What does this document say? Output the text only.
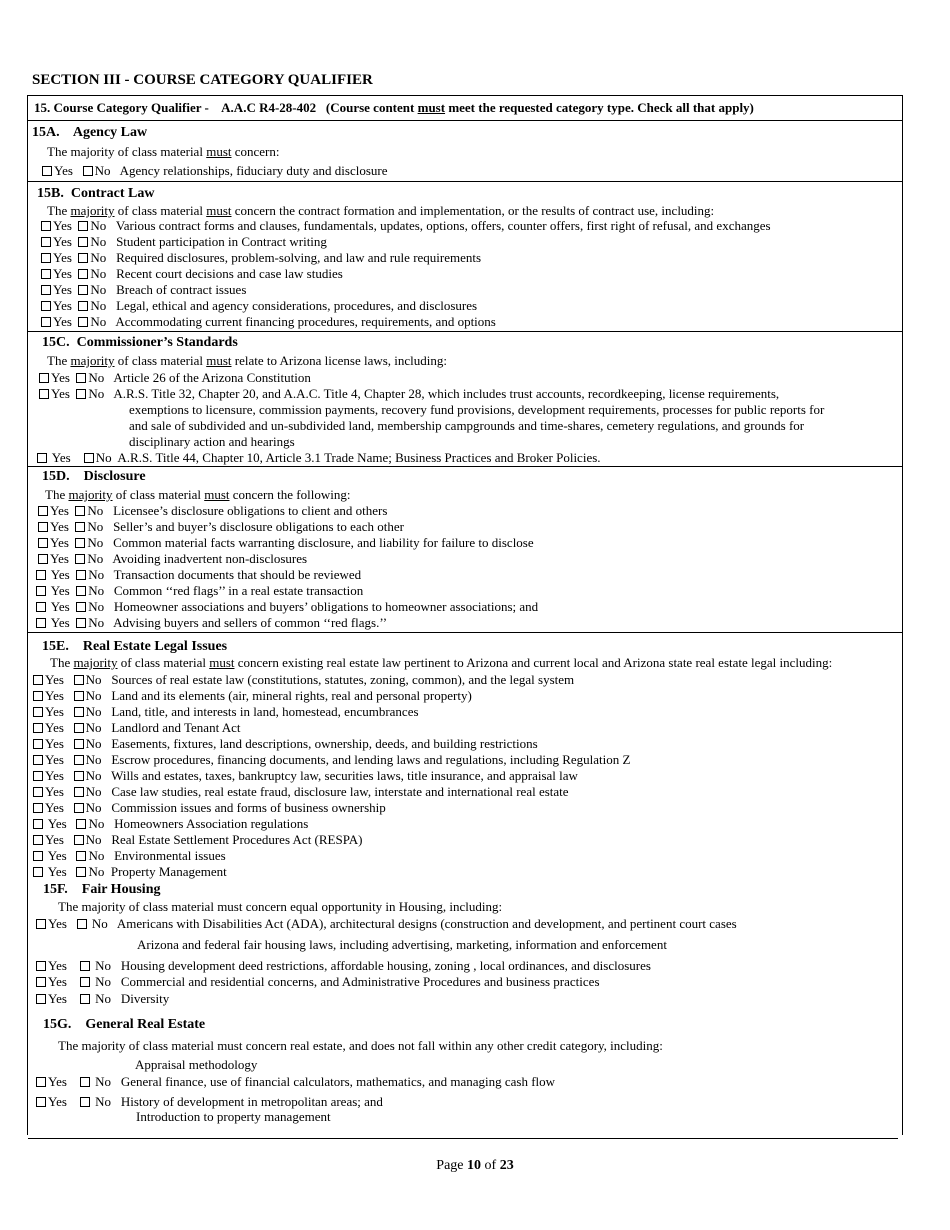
SECTION III - COURSE CATEGORY QUALIFIER
15. Course Category Qualifier - A.A.C R4-28-402 (Course content must meet the requested category type. Check all that apply)
15A. Agency Law
The majority of class material must concern:
Yes No Agency relationships, fiduciary duty and disclosure
15B. Contract Law
The majority of class material must concern the contract formation and implementation, or the results of contract use, including:
Yes No Various contract forms and clauses, fundamentals, updates, options, offers, counter offers, first right of refusal, and exchanges
Yes No Student participation in Contract writing
Yes No Required disclosures, problem-solving, and law and rule requirements
Yes No Recent court decisions and case law studies
Yes No Breach of contract issues
Yes No Legal, ethical and agency considerations, procedures, and disclosures
Yes No Accommodating current financing procedures, requirements, and options
15C. Commissioner’s Standards
The majority of class material must relate to Arizona license laws, including:
Yes No Article 26 of the Arizona Constitution
Yes No A.R.S. Title 32, Chapter 20, and A.A.C. Title 4, Chapter 28, which includes trust accounts, recordkeeping, license requirements,
exemptions to licensure, commission payments, recovery fund provisions, development requirements, processes for public reports for
and sale of subdivided and un-subdivided land, membership campgrounds and time-shares, cemetery regulations, and grounds for
disciplinary action and hearings
Yes No A.R.S. Title 44, Chapter 10, Article 3.1 Trade Name; Business Practices and Broker Policies.
15D. Disclosure
The majority of class material must concern the following:
Yes No Licensee’s disclosure obligations to client and others
Yes No Seller’s and buyer’s disclosure obligations to each other
Yes No Common material facts warranting disclosure, and liability for failure to disclose
Yes No Avoiding inadvertent non-disclosures
Yes No Transaction documents that should be reviewed
Yes No Common ‘‘red flags’’ in a real estate transaction
Yes No Homeowner associations and buyers’ obligations to homeowner associations; and
Yes No Advising buyers and sellers of common ‘‘red flags.’’
15E. Real Estate Legal Issues
The majority of class material must concern existing real estate law pertinent to Arizona and current local and Arizona state real estate legal including:
Yes No Sources of real estate law (constitutions, statutes, zoning, common), and the legal system
Yes No Land and its elements (air, mineral rights, real and personal property)
Yes No Land, title, and interests in land, homestead, encumbrances
Yes No Landlord and Tenant Act
Yes No Easements, fixtures, land descriptions, ownership, deeds, and building restrictions
Yes No Escrow procedures, financing documents, and lending laws and regulations, including Regulation Z
Yes No Wills and estates, taxes, bankruptcy law, securities laws, title insurance, and appraisal law
Yes No Case law studies, real estate fraud, disclosure law, interstate and international real estate
Yes No Commission issues and forms of business ownership
Yes No Homeowners Association regulations
Yes No Real Estate Settlement Procedures Act (RESPA)
Yes No Environmental issues
Yes No Property Management
15F. Fair Housing
The majority of class material must concern equal opportunity in Housing, including:
Yes No Americans with Disabilities Act (ADA), architectural designs (construction and development, and pertinent court cases
Arizona and federal fair housing laws, including advertising, marketing, information and enforcement
Yes No Housing development deed restrictions, affordable housing, zoning , local ordinances, and disclosures
Yes No Commercial and residential concerns, and Administrative Procedures and business practices
Yes No Diversity
15G. General Real Estate
The majority of class material must concern real estate, and does not fall within any other credit category, including:
Appraisal methodology
Yes No General finance, use of financial calculators, mathematics, and managing cash flow
Yes No History of development in metropolitan areas; and
Introduction to property management
Page 10 of 23
